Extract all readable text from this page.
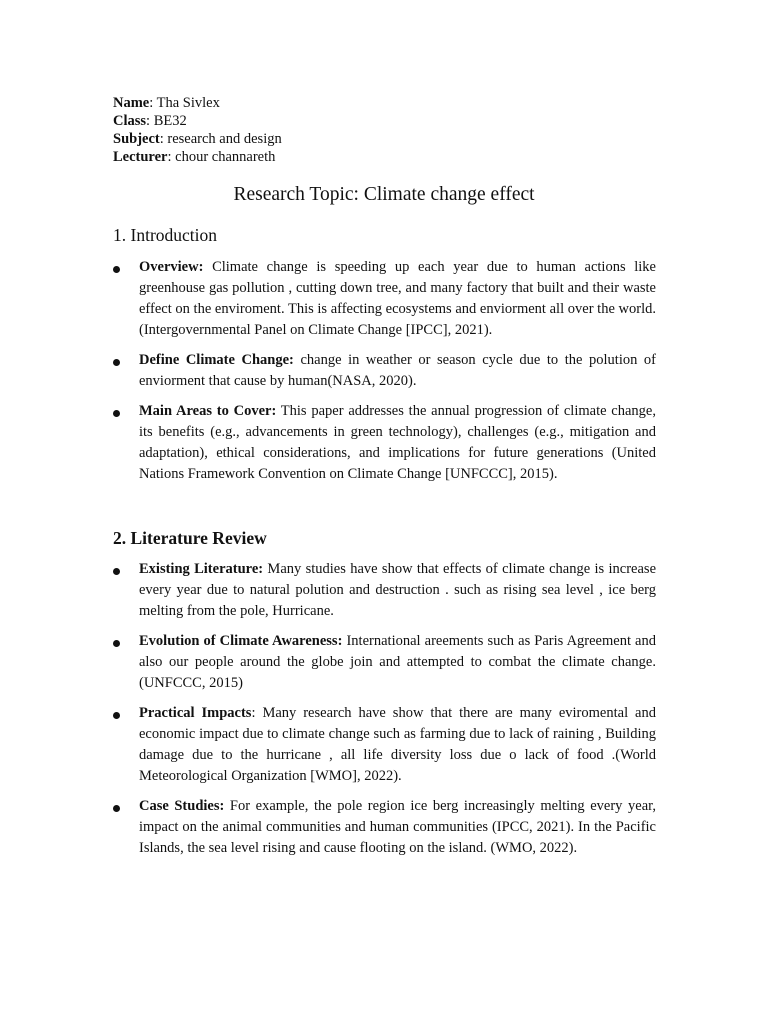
Name: Tha Sivlex
Class: BE32
Subject: research and design
Lecturer: chour channareth
Research Topic: Climate change effect
1. Introduction
Overview: Climate change is speeding up each year due to human actions like greenhouse gas pollution , cutting down tree, and many factory that built and their waste effect on the enviroment. This is affecting ecosystems and enviorment all over the world. (Intergovernmental Panel on Climate Change [IPCC], 2021).
Define Climate Change: change in weather or season cycle due to the polution of enviorment that cause by human(NASA, 2020).
Main Areas to Cover: This paper addresses the annual progression of climate change, its benefits (e.g., advancements in green technology), challenges (e.g., mitigation and adaptation), ethical considerations, and implications for future generations (United Nations Framework Convention on Climate Change [UNFCCC], 2015).
2. Literature Review
Existing Literature: Many studies have show that effects of climate change is increase every year due to natural polution and destruction . such as rising sea level , ice berg melting from the pole, Hurricane.
Evolution of Climate Awareness: International areements such as Paris Agreement and also our people around the globe join and attempted to combat the climate change. (UNFCCC, 2015)
Practical Impacts: Many research have show that there are many eviromental and economic impact due to climate change such as farming due to lack of raining , Building damage due to the hurricane , all life diversity loss due o lack of food .(World Meteorological Organization [WMO], 2022).
Case Studies: For example, the pole region ice berg increasingly melting every year, impact on the animal communities and human communities (IPCC, 2021). In the Pacific Islands, the sea level rising and cause flooting on the island. (WMO, 2022).
